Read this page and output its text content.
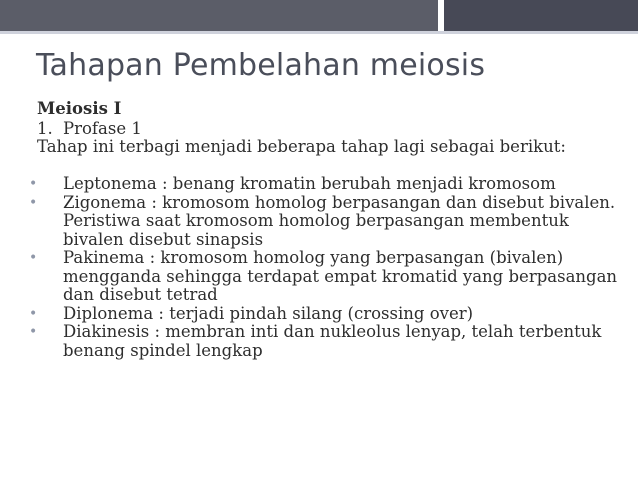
Tahapan Pembelahan meiosis
Meiosis I
1. Profase 1
Tahap ini terbagi menjadi beberapa tahap lagi sebagai berikut:
• Leptonema : benang kromatin berubah menjadi kromosom
• Zigonema : kromosom homolog berpasangan dan disebut bivalen. Peristiwa saat kromosom homolog berpasangan membentuk bivalen disebut sinapsis
• Pakinema : kromosom homolog yang berpasangan (bivalen) mengganda sehingga terdapat empat kromatid yang berpasangan dan disebut tetrad
• Diplonema : terjadi pindah silang (crossing over)
• Diakinesis : membran inti dan nukleolus lenyap, telah terbentuk benang spindel lengkap
